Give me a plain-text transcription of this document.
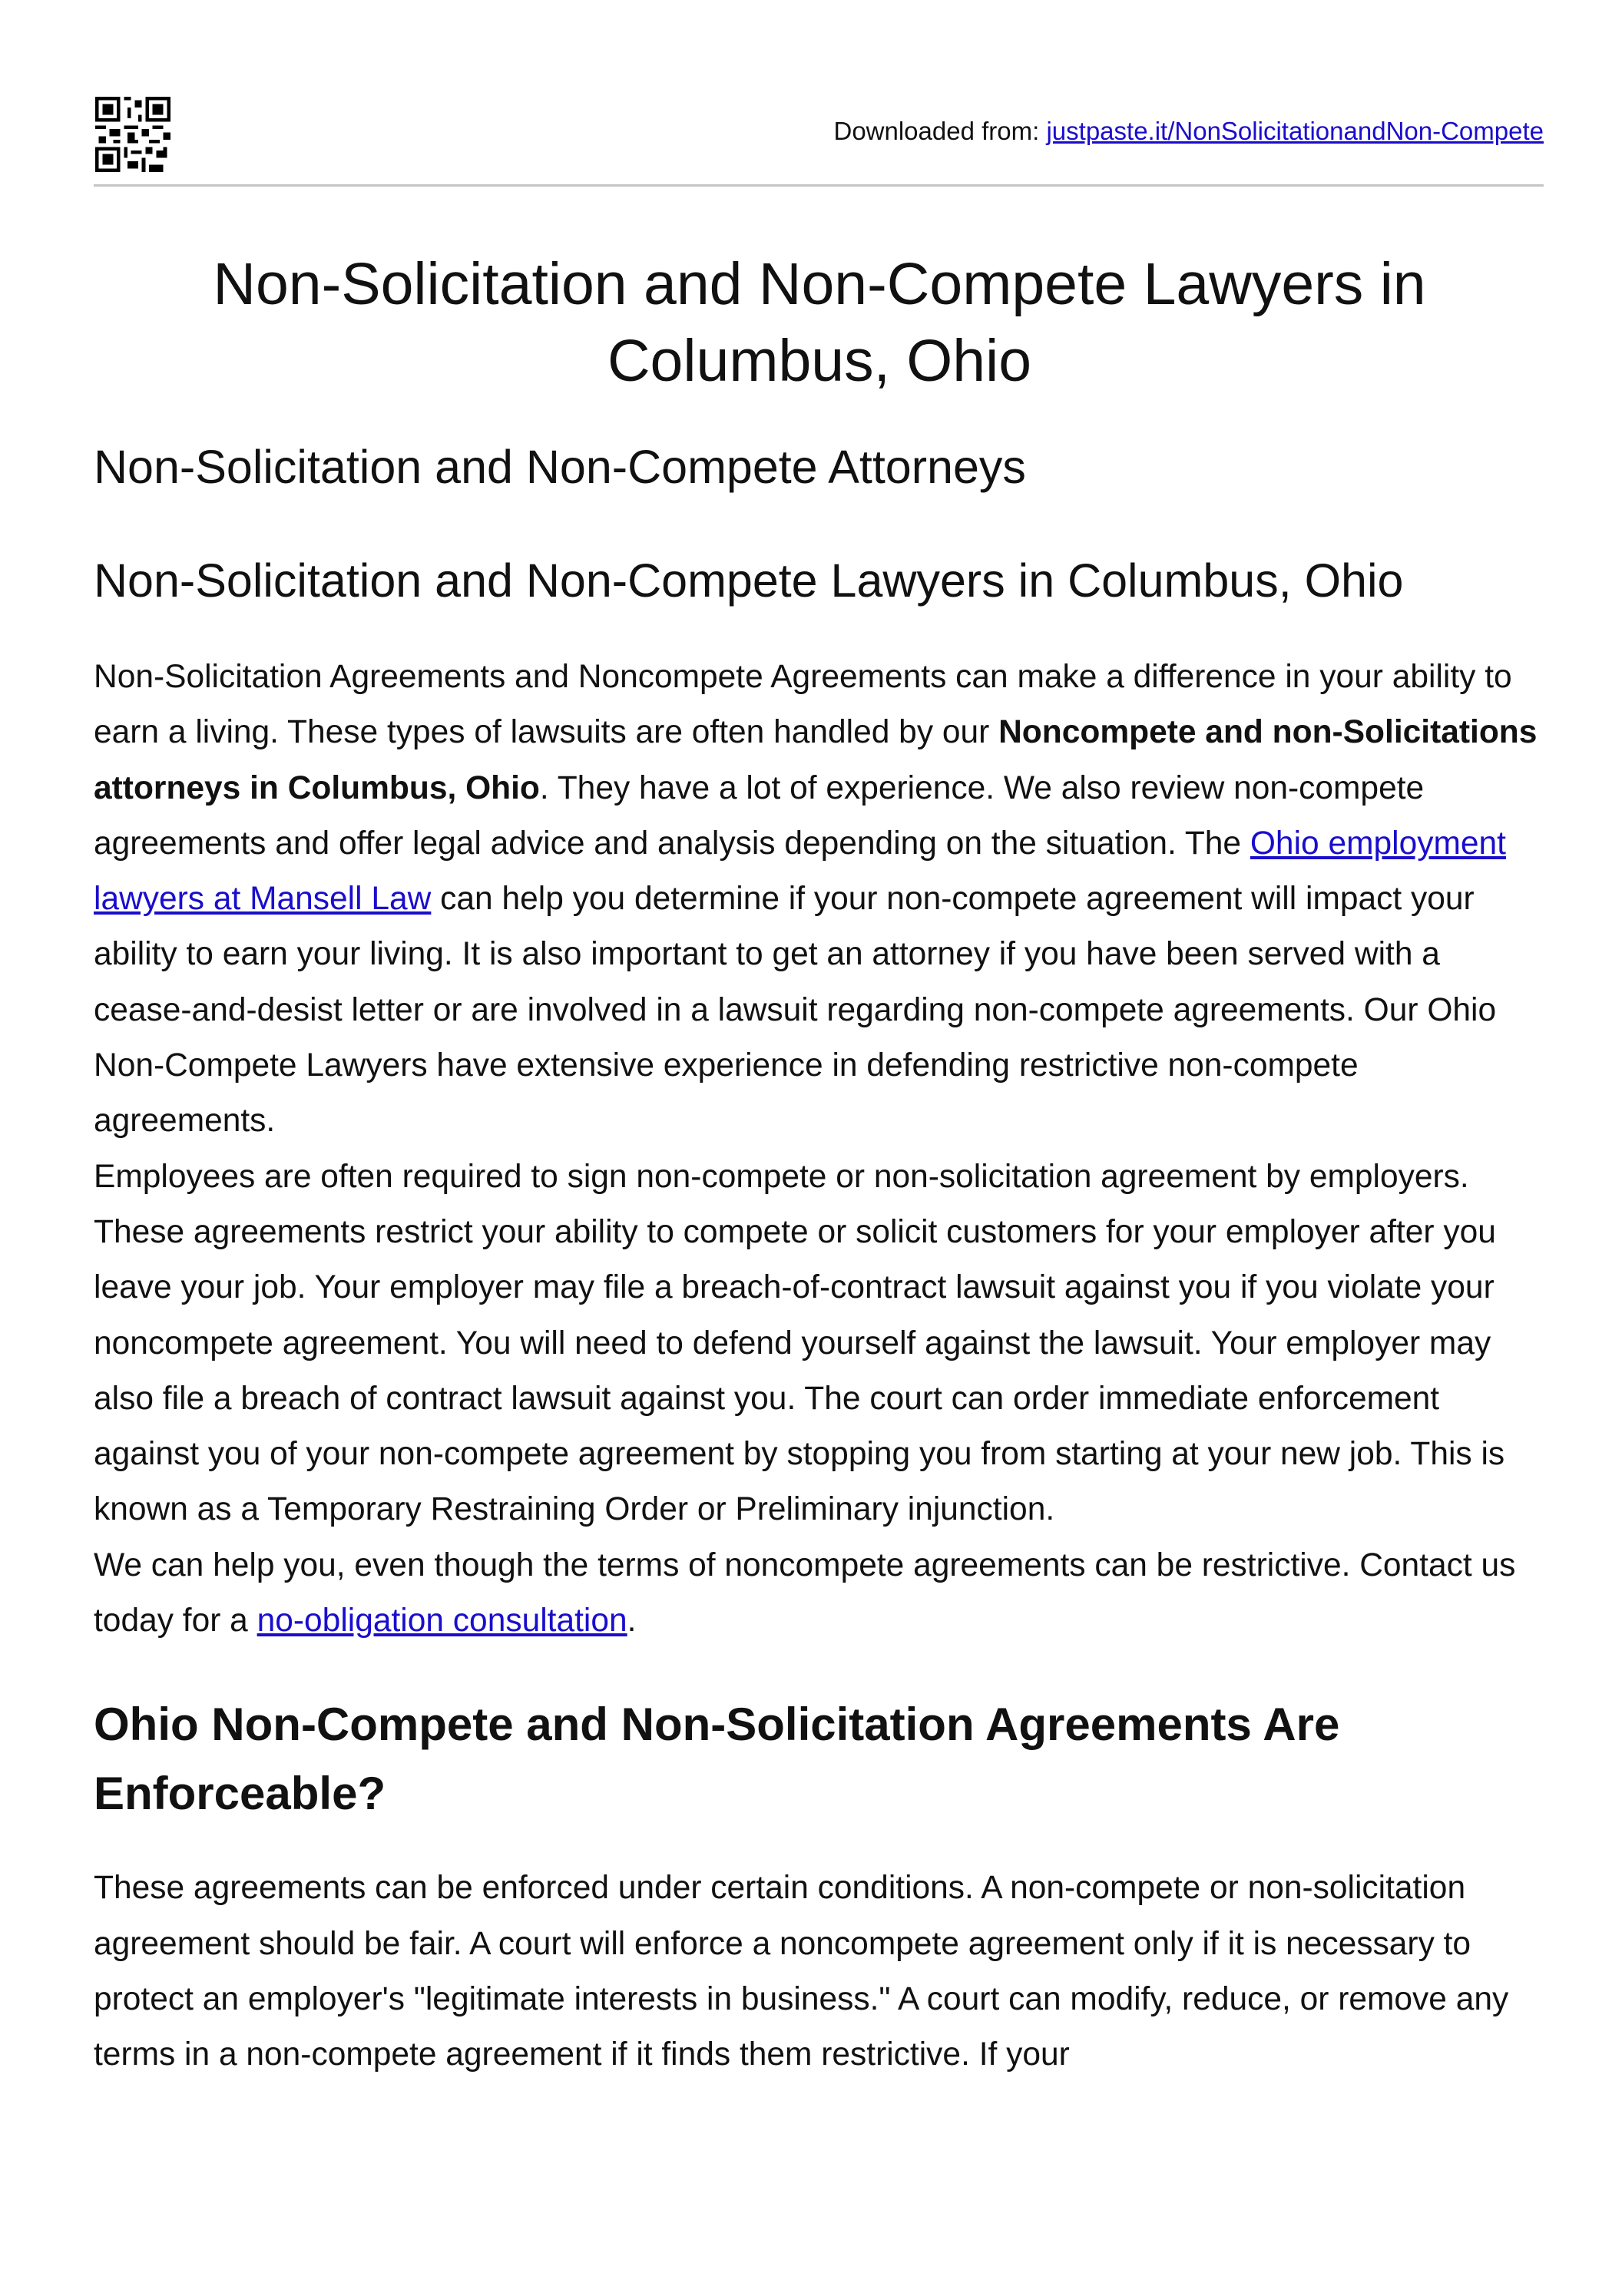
Downloaded from: justpaste.it/NonSolicitationandNon-Compete
Non-Solicitation and Non-Compete Lawyers in Columbus, Ohio
Non-Solicitation and Non-Compete Attorneys
Non-Solicitation and Non-Compete Lawyers in Columbus, Ohio

Non-Solicitation Agreements and Noncompete Agreements can make a difference in your ability to earn a living. These types of lawsuits are often handled by our Noncompete and non-Solicitations attorneys in Columbus, Ohio. They have a lot of experience. We also review non-compete agreements and offer legal advice and analysis depending on the situation. The Ohio employment lawyers at Mansell Law can help you determine if your non-compete agreement will impact your ability to earn your living. It is also important to get an attorney if you have been served with a cease-and-desist letter or are involved in a lawsuit regarding non-compete agreements. Our Ohio Non-Compete Lawyers have extensive experience in defending restrictive non-compete agreements.

Employees are often required to sign non-compete or non-solicitation agreement by employers. These agreements restrict your ability to compete or solicit customers for your employer after you leave your job. Your employer may file a breach-of-contract lawsuit against you if you violate your noncompete agreement. You will need to defend yourself against the lawsuit. Your employer may also file a breach of contract lawsuit against you. The court can order immediate enforcement against you of your non-compete agreement by stopping you from starting at your new job. This is known as a Temporary Restraining Order or Preliminary injunction.

We can help you, even though the terms of noncompete agreements can be restrictive. Contact us today for a no-obligation consultation.

Ohio Non-Compete and Non-Solicitation Agreements Are Enforceable?

These agreements can be enforced under certain conditions. A non-compete or non-solicitation agreement should be fair. A court will enforce a noncompete agreement only if it is necessary to protect an employer's "legitimate interests in business." A court can modify, reduce, or remove any terms in a non-compete agreement if it finds them restrictive. If your
